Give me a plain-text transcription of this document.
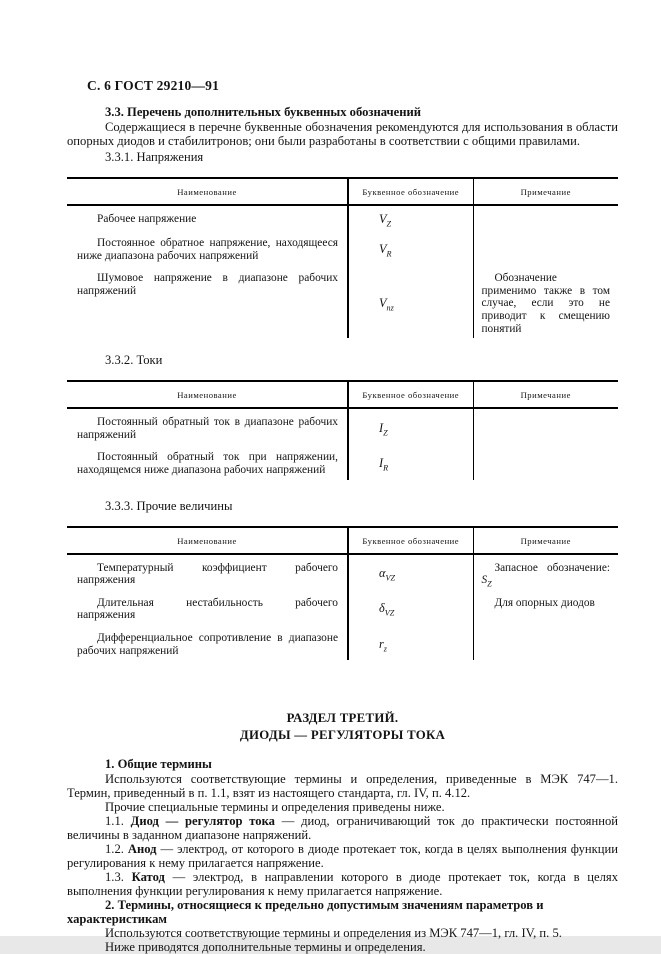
С. 6 ГОСТ 29210—91

3.3. Перечень дополнительных буквенных обозначений

Содержащиеся в перечне буквенные обозначения рекомендуются для использования в области опорных диодов и стабилитронов; они были разработаны в соответствии с общими правилами.

3.3.1. Напряжения

Наименование	Буквенное обозначение	Примечание
Рабочее напряжение	$V_Z$	
Постоянное обратное напряжение, находящееся ниже диапазона рабочих напряжений	$V_R$	
Шумовое напряжение в диапазоне рабочих напряжений	$V_{nz}$	Обозначение применимо также в том случае, если это не приводит к смещению понятий

3.3.2. Токи

Наименование	Буквенное обозначение	Примечание
Постоянный обратный ток в диапазоне рабочих напряжений	$I_Z$	
Постоянный обратный ток при напряжении, находящемся ниже диапазона рабочих напряжений	$I_R$	

3.3.3. Прочие величины

Наименование	Буквенное обозначение	Примечание
Температурный коэффициент рабочего напряжения	$\alpha_{VZ}$	Запасное обозначение: $S_Z$
Длительная нестабильность рабочего напряжения	$\delta_{VZ}$	Для опорных диодов
Дифференциальное сопротивление в диапазоне рабочих напряжений	$r_z$	

РАЗДЕЛ ТРЕТИЙ.

ДИОДЫ — РЕГУЛЯТОРЫ ТОКА

1. Общие термины

Используются соответствующие термины и определения, приведенные в МЭК 747—1. Термин, приведенный в п. 1.1, взят из настоящего стандарта, гл. IV, п. 4.12.

Прочие специальные термины и определения приведены ниже.

1.1. Диод — регулятор тока — диод, ограничивающий ток до практически постоянной величины в заданном диапазоне напряжений.

1.2. Анод — электрод, от которого в диоде протекает ток, когда в целях выполнения функции регулирования к нему прилагается напряжение.

1.3. Катод — электрод, в направлении которого в диоде протекает ток, когда в целях выполнения функции регулирования к нему прилагается напряжение.

2. Термины, относящиеся к предельно допустимым значениям параметров и характеристикам

Используются соответствующие термины и определения из МЭК 747—1, гл. IV, п. 5.

Ниже приводятся дополнительные термины и определения.
